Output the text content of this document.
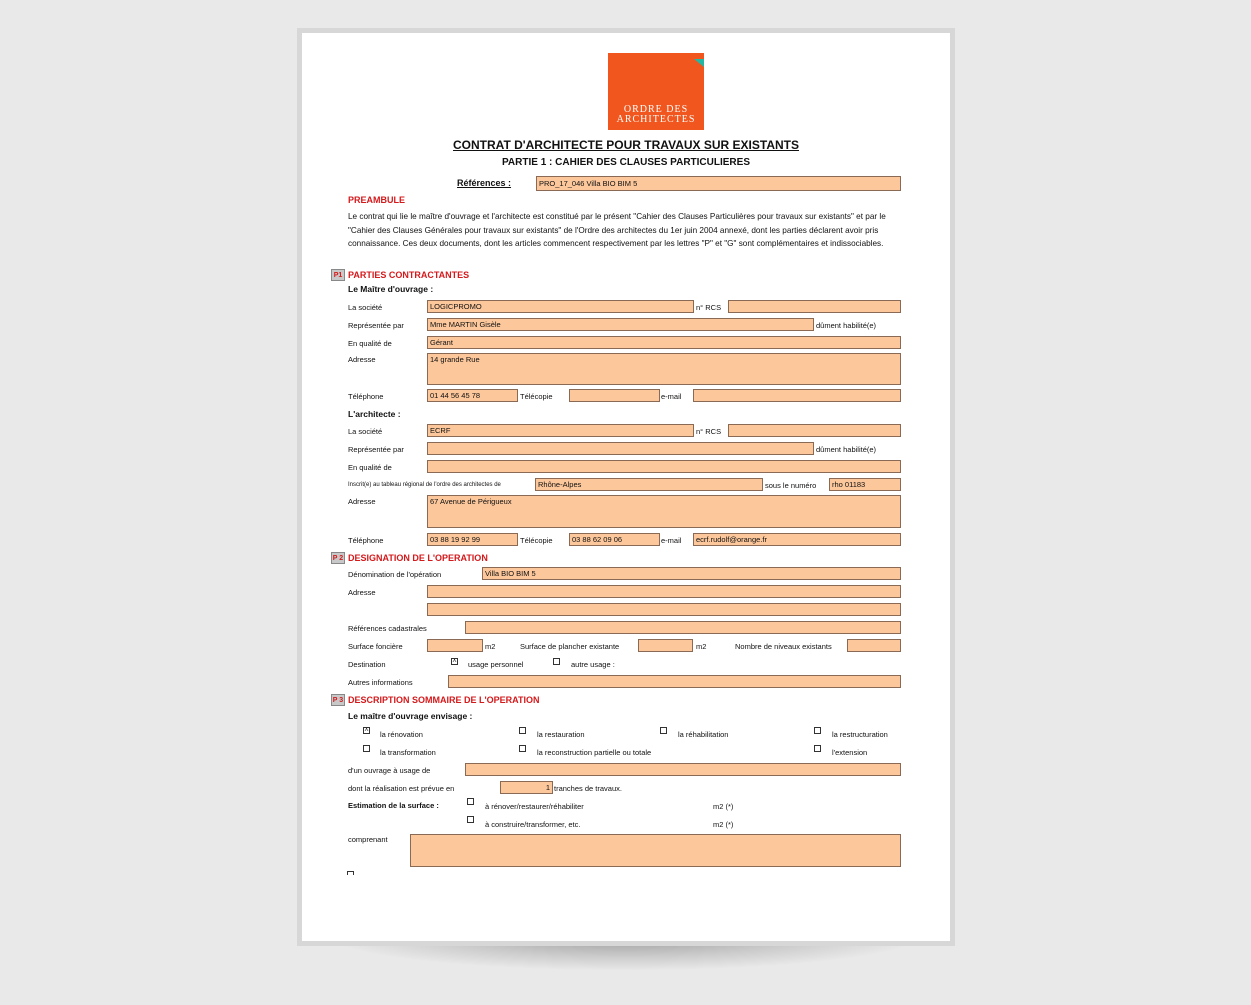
ORDRE DES
ARCHITECTES
CONTRAT D'ARCHITECTE POUR TRAVAUX SUR EXISTANTS
PARTIE 1 : CAHIER DES CLAUSES PARTICULIERES
Références :	PRO_17_046 Villa BIO BIM 5
PREAMBULE
Le contrat qui lie le maître d'ouvrage et l'architecte est constitué par le présent "Cahier des Clauses Particulières pour travaux sur existants" et par le "Cahier des Clauses Générales pour travaux sur existants" de l'Ordre des architectes du 1er juin 2004 annexé, dont les parties déclarent avoir pris connaissance. Ces deux documents, dont les articles commencent respectivement par les lettres "P" et "G" sont complémentaires et indissociables.
P1 PARTIES CONTRACTANTES
Le Maître d'ouvrage :
La société	LOGICPROMO	n° RCS
Représentée par	Mme MARTIN Gisèle	dûment habilité(e)
En qualité de	Gérant
Adresse	14 grande Rue
Téléphone	01 44 56 45 78	Télécopie	e-mail
L'architecte :
La société	ECRF	n° RCS
Représentée par	dûment habilité(e)
En qualité de
Inscrit(e) au tableau régional de l'ordre des architectes de	Rhône-Alpes	sous le numéro	rho 01183
Adresse	67 Avenue de Périgueux
Téléphone	03 88 19 92 99	Télécopie	03 88 62 09 06	e-mail	ecrf.rudolf@orange.fr
P 2 DESIGNATION DE L'OPERATION
Dénomination de l'opération	Villa BIO BIM 5
Adresse
Références cadastrales
Surface foncière	m2	Surface de plancher existante	m2	Nombre de niveaux existants
Destination	X usage personnel	autre usage :
Autres informations
P 3 DESCRIPTION SOMMAIRE DE L'OPERATION
Le maître d'ouvrage envisage :
X la rénovation	la restauration	la réhabilitation	la restructuration
la transformation	la reconstruction partielle ou totale	l'extension
d'un ouvrage à usage de
dont la réalisation est prévue en	1 tranches de travaux.
Estimation de la surface :	à rénover/restaurer/réhabiliter	m2 (*)
à construire/transformer, etc.	m2 (*)
comprenant
